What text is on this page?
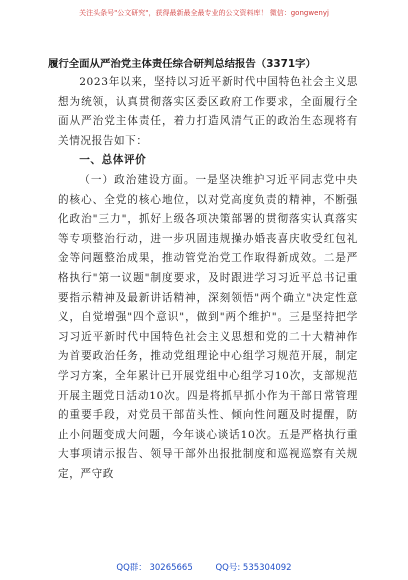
关注头条号"公文研究"，获得最新最全最专业的公文资料库！ 微信：gongwenyj
履行全面从严治党主体责任综合研判总结报告（3371字）

2023年以来，坚持以习近平新时代中国特色社会主义思想为统领，认真贯彻落实区委区政府工作要求，全面履行全面从严治党主体责任，着力打造风清气正的政治生态现将有关情况报告如下：

一、总体评价

（一）政治建设方面。一是坚决维护习近平同志党中央的核心、全党的核心地位，以对党高度负责的精神，不断强化政治"三力"，抓好上级各项决策部署的贯彻落实认真落实等专项整治行动，进一步巩固违规操办婚丧喜庆收受红包礼金等问题整治成果，推动管党治党工作取得新成效。二是严格执行"第一议题"制度要求，及时跟进学习习近平总书记重要指示精神及最新讲话精神，深刻领悟"两个确立"决定性意义，自觉增强"四个意识"，做到"两个维护"。三是坚持把学习习近平新时代中国特色社会主义思想和党的二十大精神作为首要政治任务，推动党组理论中心组学习规范开展，制定学习方案，全年累计已开展党组中心组学习10次，支部规范开展主题党日活动10次。四是将抓早抓小作为干部日常管理的重要手段，对党员干部苗头性、倾向性问题及时提醒，防止小问题变成大问题，今年谈心谈话10次。五是严格执行重大事项请示报告、领导干部外出报批制度和巡视巡察有关规定，严守政

QQ群： 30265665	QQ号: 535304092
